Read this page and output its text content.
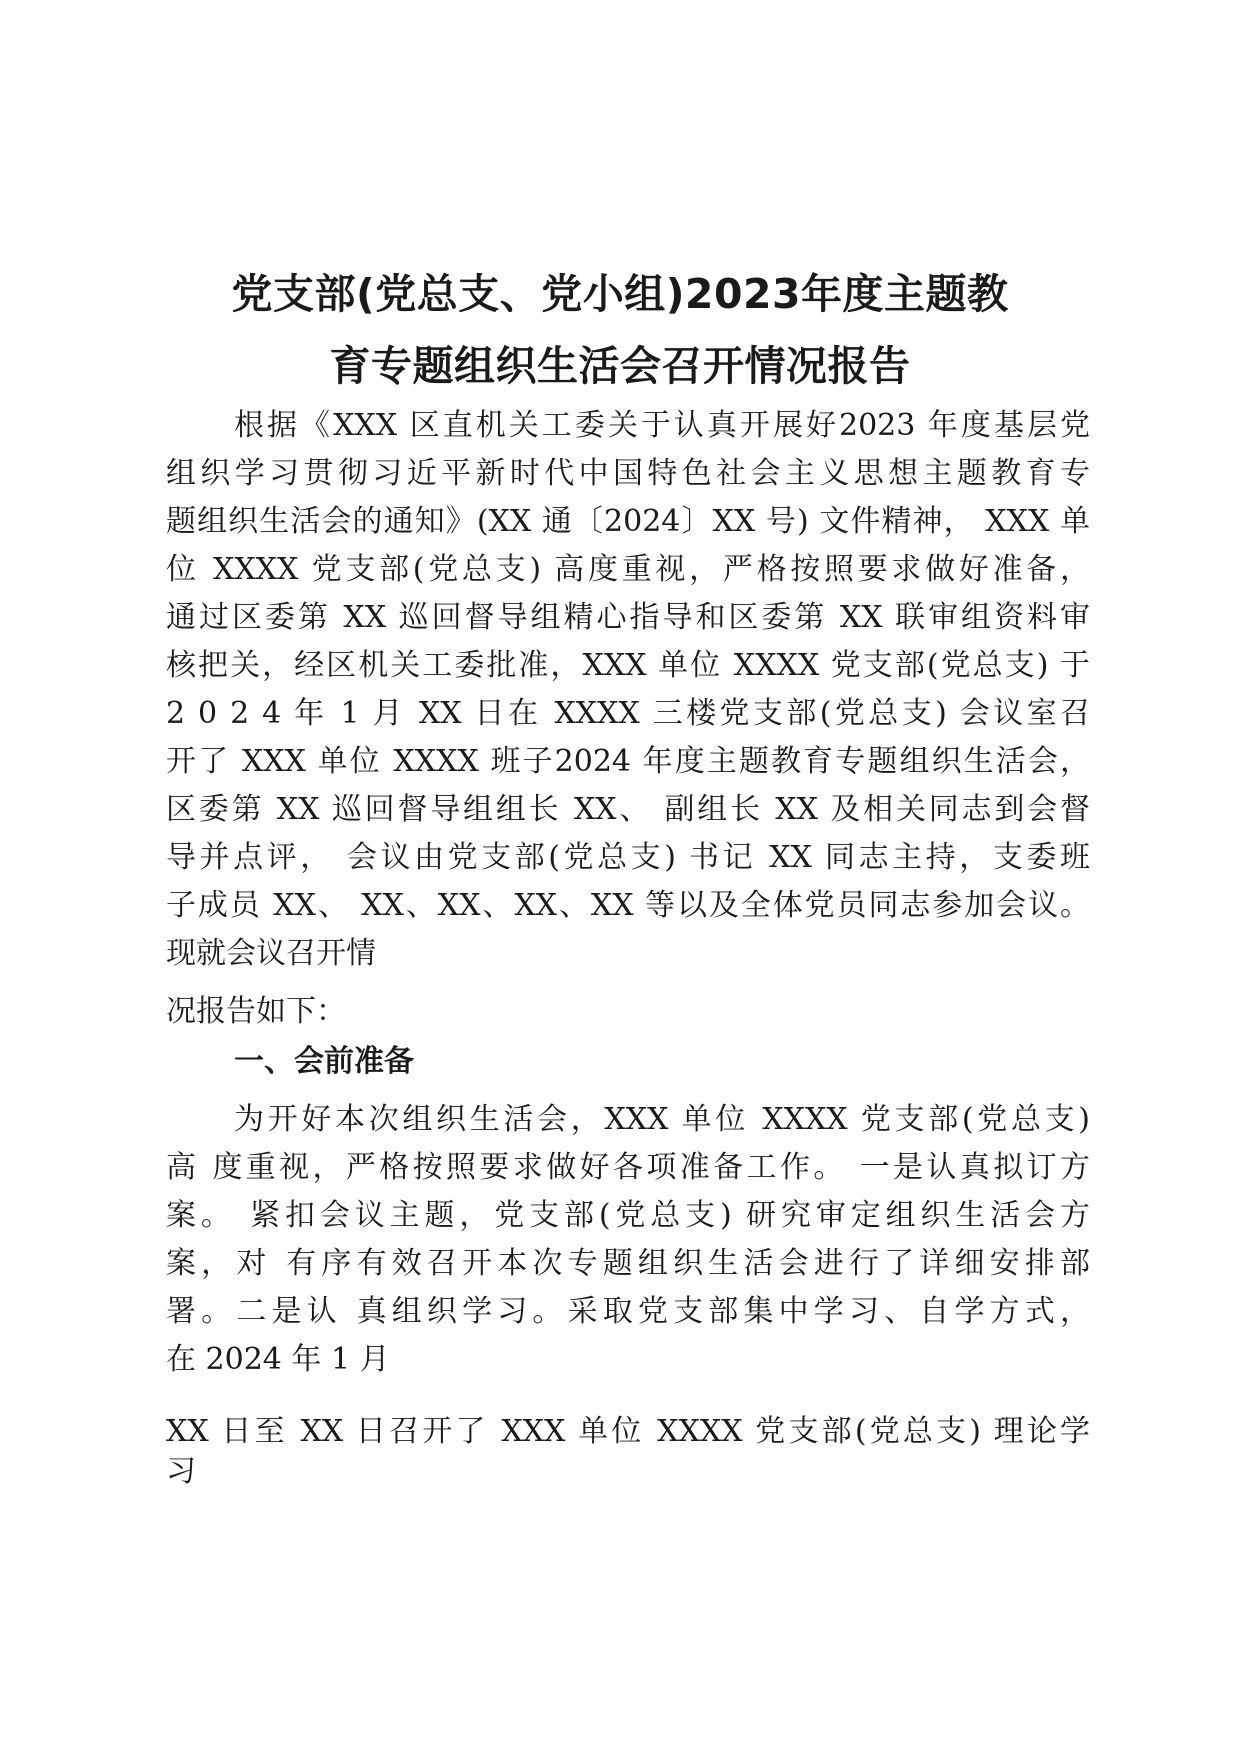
党支部(党总支、党小组)2023年度主题教
育专题组织生活会召开情况报告
根据《XXX 区直机关工委关于认真开展好2023 年度基层党
组织学习贯彻习近平新时代中国特色社会主义思想主题教育专
题组织生活会的通知》(XX 通〔2024〕XX 号) 文件精神， XXX 单
位 XXXX 党支部(党总支) 高度重视，严格按照要求做好准备，
通过区委第 XX 巡回督导组精心指导和区委第 XX 联审组资料审
核把关，经区机关工委批准，XXX 单位 XXXX 党支部(党总支) 于
2 0 2 4 年 1 月 XX 日在 XXXX 三楼党支部(党总支) 会议室召
开了 XXX 单位 XXXX 班子2024 年度主题教育专题组织生活会，
区委第 XX 巡回督导组组长 XX、 副组长 XX 及相关同志到会督
导并点评， 会议由党支部(党总支) 书记 XX 同志主持，支委班
子成员 XX、 XX、XX、XX、XX 等以及全体党员同志参加会议。
现就会议召开情
况报告如下：
一、会前准备
为开好本次组织生活会，XXX 单位 XXXX 党支部(党总支)
高 度重视，严格按照要求做好各项准备工作。 一是认真拟订方
案。 紧扣会议主题，党支部(党总支) 研究审定组织生活会方
案，对 有序有效召开本次专题组织生活会进行了详细安排部
署。二是认 真组织学习。采取党支部集中学习、自学方式，
在 2024 年 1 月
XX 日至 XX 日召开了 XXX 单位 XXXX 党支部(党总支) 理论学
习
